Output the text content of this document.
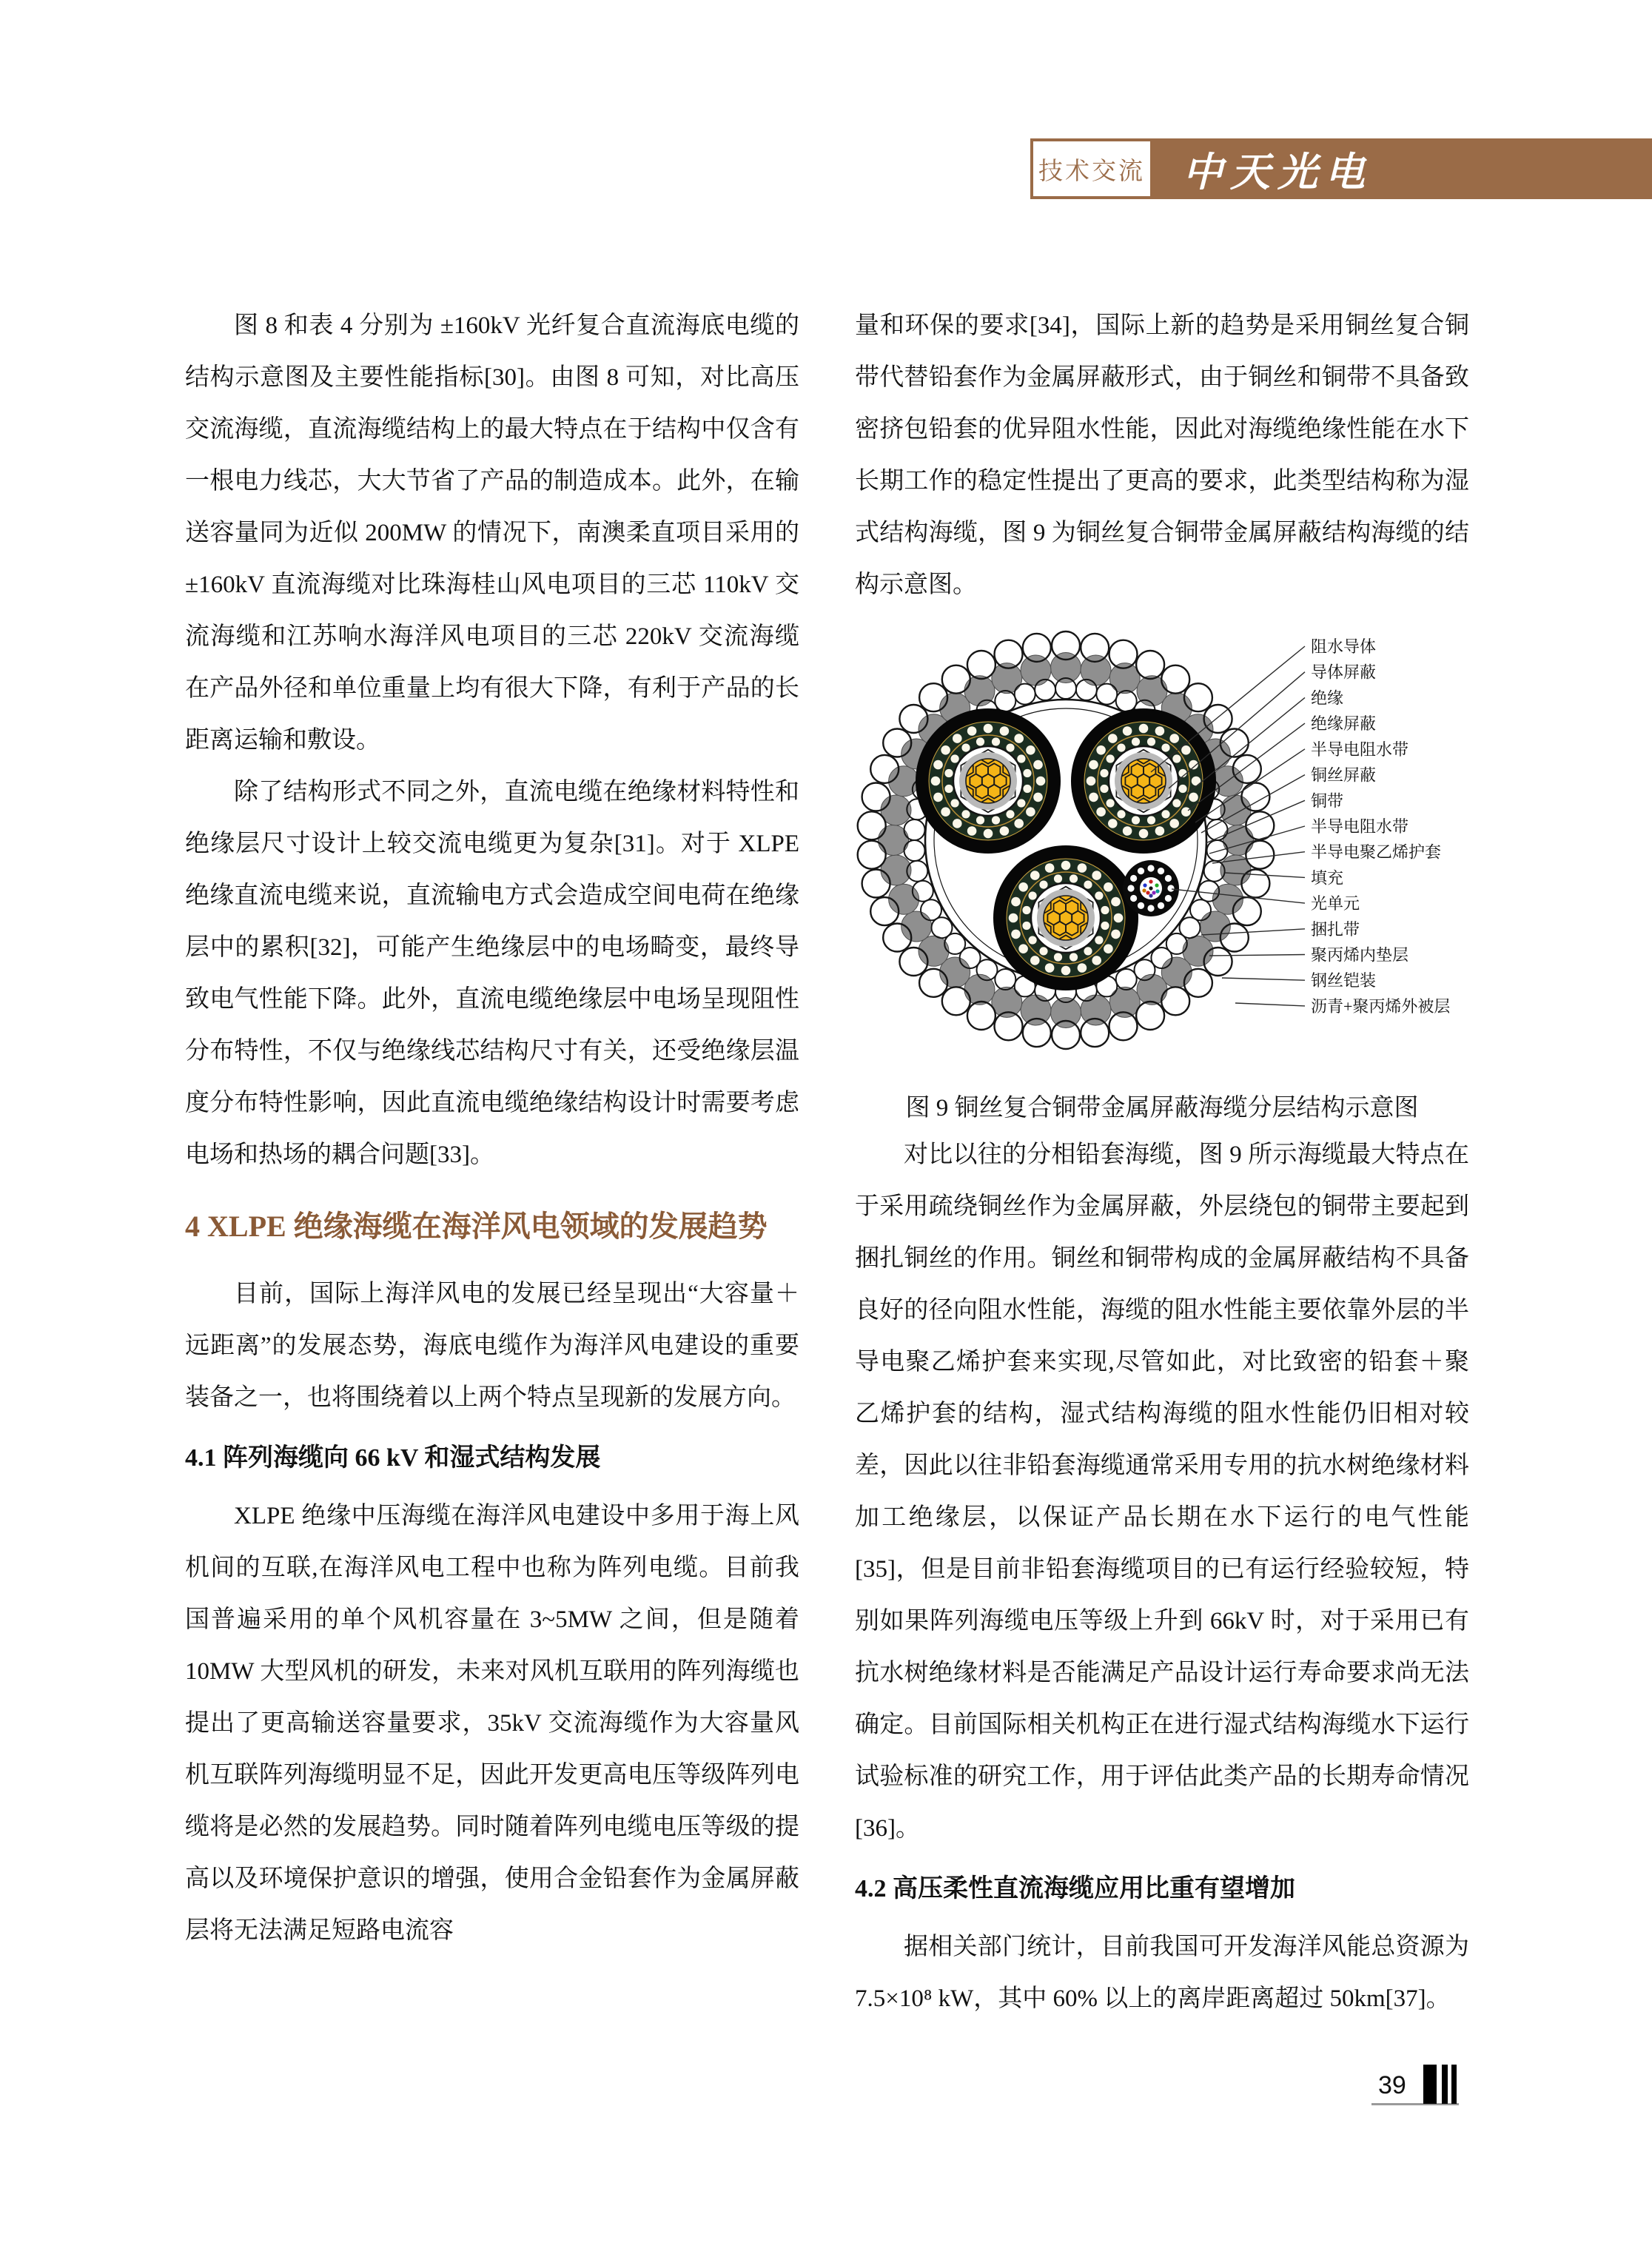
技术交流 中天光电

图 8 和表 4 分别为 ±160kV 光纤复合直流海底电缆的结构示意图及主要性能指标[30]。由图 8 可知，对比高压交流海缆，直流海缆结构上的最大特点在于结构中仅含有一根电力线芯，大大节省了产品的制造成本。此外，在输送容量同为近似 200MW 的情况下，南澳柔直项目采用的 ±160kV 直流海缆对比珠海桂山风电项目的三芯 110kV 交流海缆和江苏响水海洋风电项目的三芯 220kV 交流海缆在产品外径和单位重量上均有很大下降，有利于产品的长距离运输和敷设。

除了结构形式不同之外，直流电缆在绝缘材料特性和绝缘层尺寸设计上较交流电缆更为复杂[31]。对于 XLPE 绝缘直流电缆来说，直流输电方式会造成空间电荷在绝缘层中的累积[32]，可能产生绝缘层中的电场畸变，最终导致电气性能下降。此外，直流电缆绝缘层中电场呈现阻性分布特性，不仅与绝缘线芯结构尺寸有关，还受绝缘层温度分布特性影响，因此直流电缆绝缘结构设计时需要考虑电场和热场的耦合问题[33]。

4 XLPE 绝缘海缆在海洋风电领域的发展趋势

目前，国际上海洋风电的发展已经呈现出“大容量＋远距离”的发展态势，海底电缆作为海洋风电建设的重要装备之一，也将围绕着以上两个特点呈现新的发展方向。

4.1 阵列海缆向 66 kV 和湿式结构发展

XLPE 绝缘中压海缆在海洋风电建设中多用于海上风机间的互联,在海洋风电工程中也称为阵列电缆。目前我国普遍采用的单个风机容量在 3~5MW 之间，但是随着 10MW 大型风机的研发，未来对风机互联用的阵列海缆也提出了更高输送容量要求，35kV 交流海缆作为大容量风机互联阵列海缆明显不足，因此开发更高电压等级阵列电缆将是必然的发展趋势。同时随着阵列电缆电压等级的提高以及环境保护意识的增强，使用合金铅套作为金属屏蔽层将无法满足短路电流容

量和环保的要求[34]，国际上新的趋势是采用铜丝复合铜带代替铅套作为金属屏蔽形式，由于铜丝和铜带不具备致密挤包铅套的优异阻水性能，因此对海缆绝缘性能在水下长期工作的稳定性提出了更高的要求，此类型结构称为湿式结构海缆，图 9 为铜丝复合铜带金属屏蔽结构海缆的结构示意图。

阻水导体
导体屏蔽
绝缘
绝缘屏蔽
半导电阻水带
铜丝屏蔽
铜带
半导电阻水带
半导电聚乙烯护套
填充
光单元
捆扎带
聚丙烯内垫层
钢丝铠装
沥青+聚丙烯外被层
图 9 铜丝复合铜带金属屏蔽海缆分层结构示意图

对比以往的分相铅套海缆，图 9 所示海缆最大特点在于采用疏绕铜丝作为金属屏蔽，外层绕包的铜带主要起到捆扎铜丝的作用。铜丝和铜带构成的金属屏蔽结构不具备良好的径向阻水性能，海缆的阻水性能主要依靠外层的半导电聚乙烯护套来实现,尽管如此，对比致密的铅套＋聚乙烯护套的结构，湿式结构海缆的阻水性能仍旧相对较差，因此以往非铅套海缆通常采用专用的抗水树绝缘材料加工绝缘层，以保证产品长期在水下运行的电气性能[35]，但是目前非铅套海缆项目的已有运行经验较短，特别如果阵列海缆电压等级上升到 66kV 时，对于采用已有抗水树绝缘材料是否能满足产品设计运行寿命要求尚无法确定。目前国际相关机构正在进行湿式结构海缆水下运行试验标准的研究工作，用于评估此类产品的长期寿命情况[36]。

4.2 高压柔性直流海缆应用比重有望增加

据相关部门统计，目前我国可开发海洋风能总资源为 7.5×10⁸ kW，其中 60% 以上的离岸距离超过 50km[37]。

39
